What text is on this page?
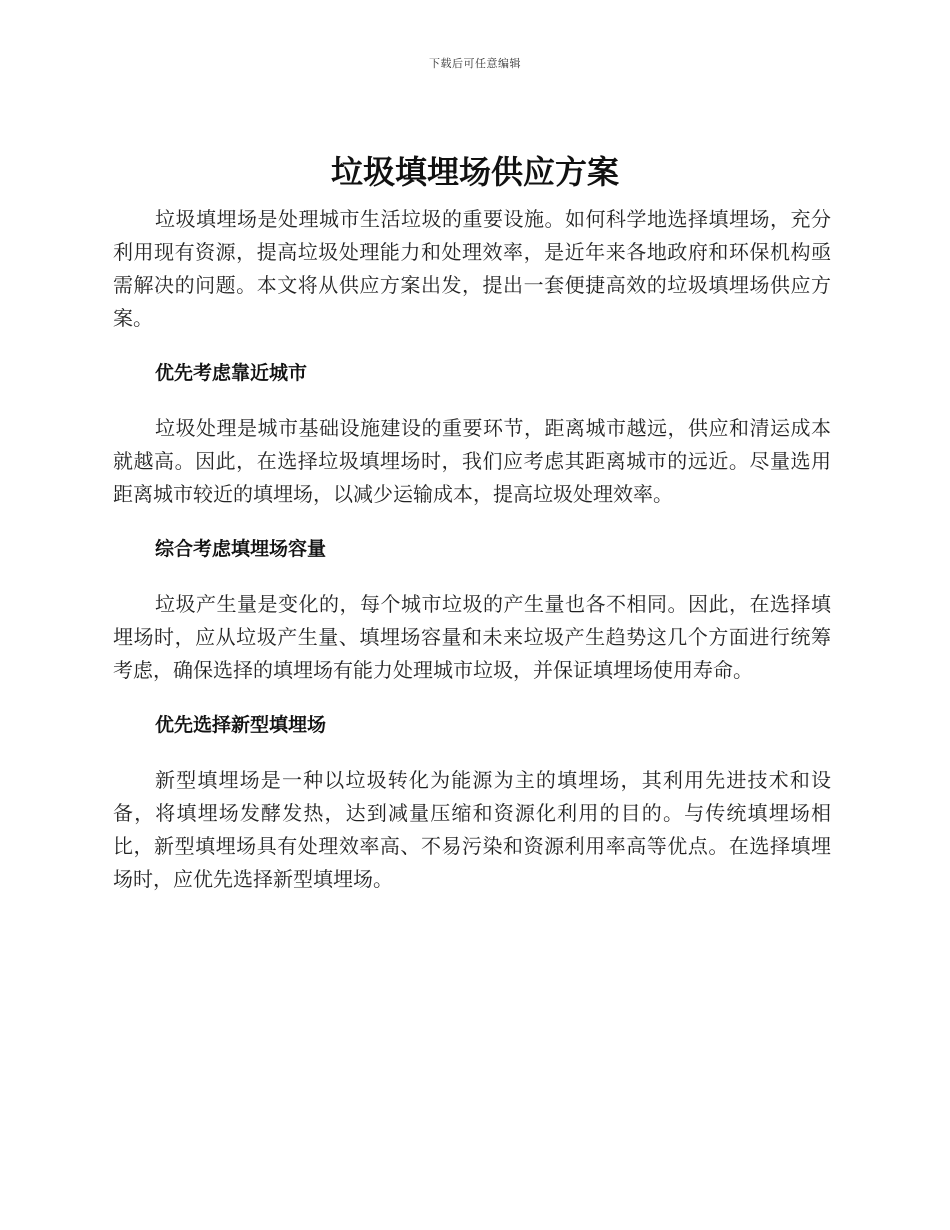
下载后可任意编辑
垃圾填埋场供应方案

垃圾填埋场是处理城市生活垃圾的重要设施。如何科学地选择填埋场，充分利用现有资源，提高垃圾处理能力和处理效率，是近年来各地政府和环保机构亟需解决的问题。本文将从供应方案出发，提出一套便捷高效的垃圾填埋场供应方案。

优先考虑靠近城市

垃圾处理是城市基础设施建设的重要环节，距离城市越远，供应和清运成本就越高。因此，在选择垃圾填埋场时，我们应考虑其距离城市的远近。尽量选用距离城市较近的填埋场，以减少运输成本，提高垃圾处理效率。

综合考虑填埋场容量

垃圾产生量是变化的，每个城市垃圾的产生量也各不相同。因此，在选择填埋场时，应从垃圾产生量、填埋场容量和未来垃圾产生趋势这几个方面进行统筹考虑，确保选择的填埋场有能力处理城市垃圾，并保证填埋场使用寿命。

优先选择新型填埋场

新型填埋场是一种以垃圾转化为能源为主的填埋场，其利用先进技术和设备，将填埋场发酵发热，达到减量压缩和资源化利用的目的。与传统填埋场相比，新型填埋场具有处理效率高、不易污染和资源利用率高等优点。在选择填埋场时，应优先选择新型填埋场。
